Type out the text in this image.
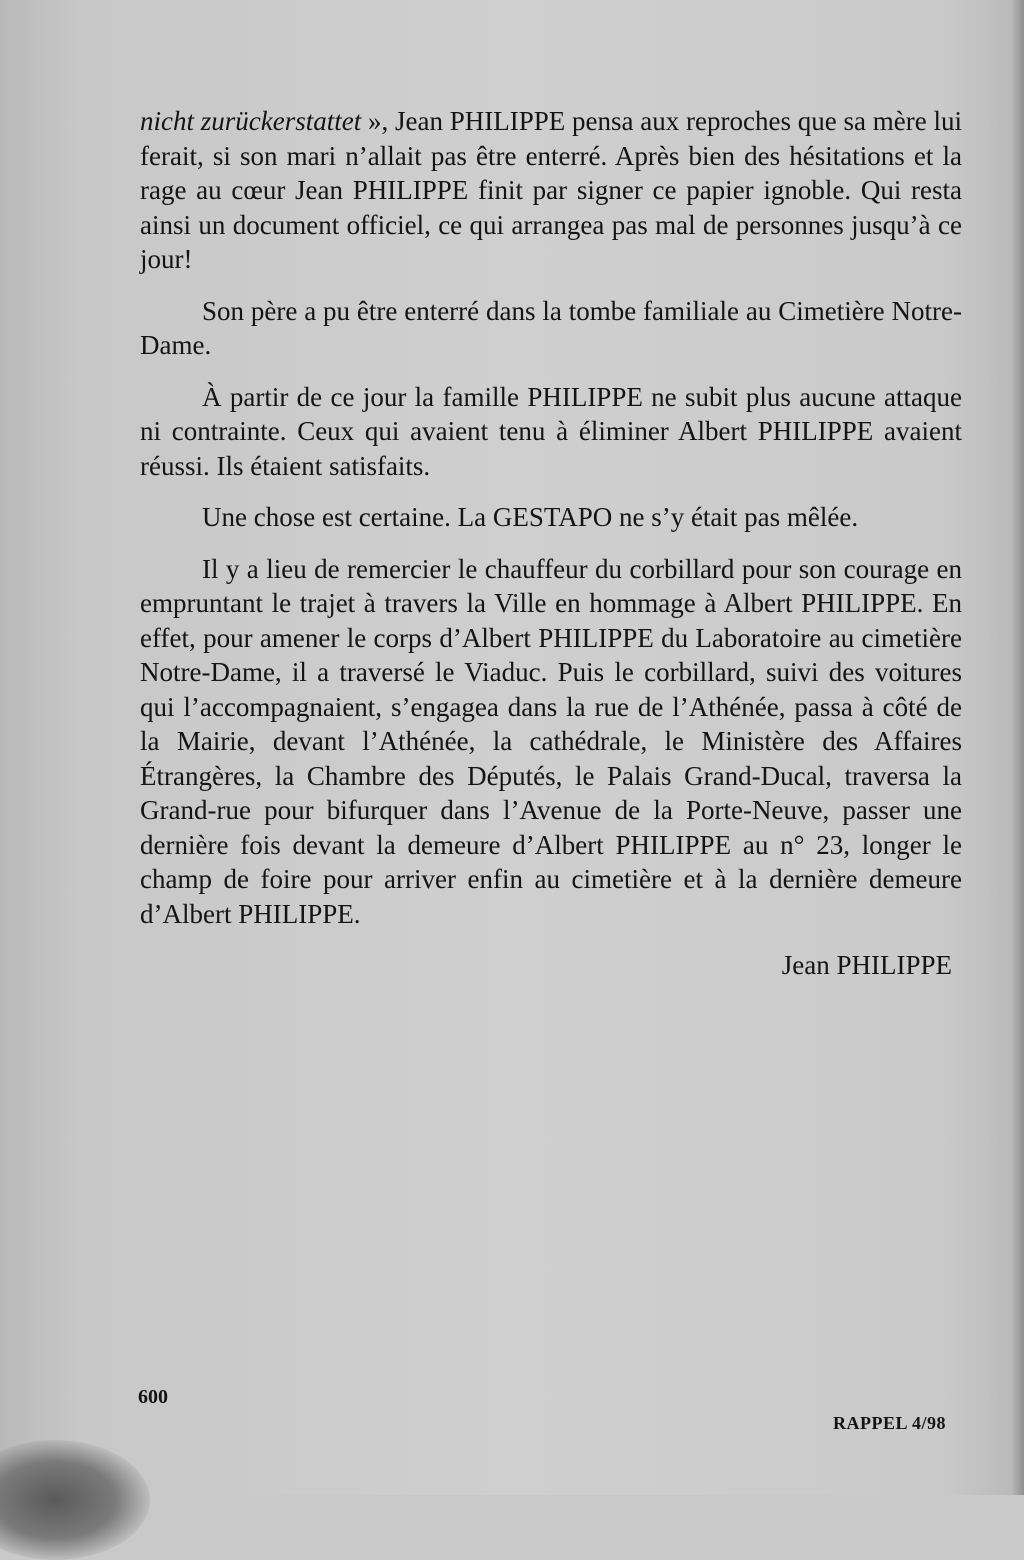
nicht zurückerstattet », Jean PHILIPPE pensa aux reproches que sa mère lui ferait, si son mari n’allait pas être enterré. Après bien des hésitations et la rage au cœur Jean PHILIPPE finit par signer ce papier ignoble. Qui resta ainsi un document officiel, ce qui arrangea pas mal de personnes jusqu’à ce jour!

Son père a pu être enterré dans la tombe familiale au Cimetière Notre-Dame.

À partir de ce jour la famille PHILIPPE ne subit plus aucune attaque ni contrainte. Ceux qui avaient tenu à éliminer Albert PHILIPPE avaient réussi. Ils étaient satisfaits.

Une chose est certaine. La GESTAPO ne s’y était pas mêlée.

Il y a lieu de remercier le chauffeur du corbillard pour son courage en empruntant le trajet à travers la Ville en hommage à Albert PHILIPPE. En effet, pour amener le corps d’Albert PHILIPPE du Laboratoire au cimetière Notre-Dame, il a traversé le Viaduc. Puis le corbillard, suivi des voitures qui l’accompagnaient, s’engagea dans la rue de l’Athénée, passa à côté de la Mairie, devant l’Athénée, la cathédrale, le Ministère des Affaires Étrangères, la Chambre des Députés, le Palais Grand-Ducal, traversa la Grand-rue pour bifurquer dans l’Avenue de la Porte-Neuve, passer une dernière fois devant la demeure d’Albert PHILIPPE au n° 23, longer le champ de foire pour arriver enfin au cimetière et à la dernière demeure d’Albert PHILIPPE.

Jean PHILIPPE

600
RAPPEL 4/98
